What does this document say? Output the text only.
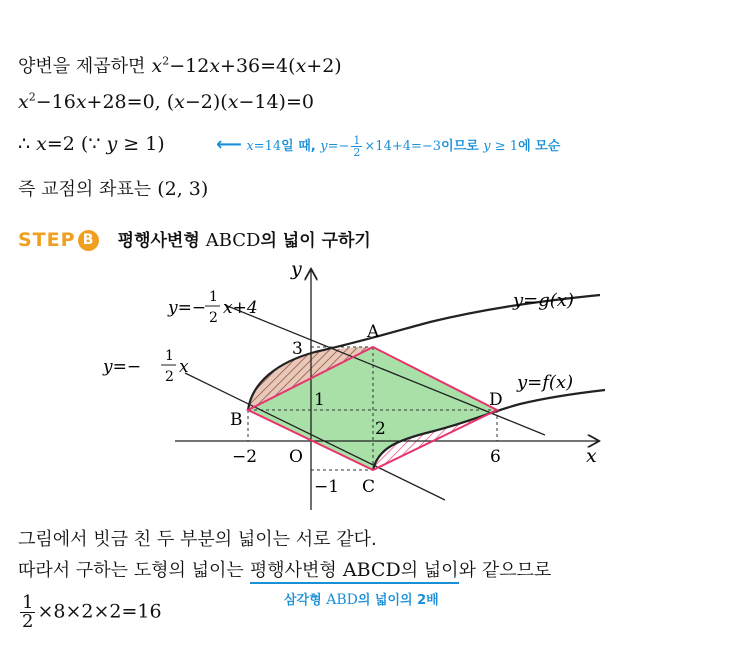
양변을 제곱하면 $x^2-12x+36=4(x+2)$
$x^2-16x+28=0$, (x−2)(x−14)=0
∴ x=2 (∵ y ≥ 1)	⟵ x=14일 때, $y=- \frac{1}{2} \times 14+4=-3$이므로 y ≥ 1에 모순
즉 교점의 좌표는 (2, 3)
STEP B 평행사변형 ABCD의 넓이 구하기
y
x
O
A
B
C
D
3
1
2
−2	6
−1
y=−
1
2 x+4
y=−
1
2 x
y=g(x)
y=f(x)
그림에서 빗금 친 두 부분의 넓이는 서로 같다.
따라서 구하는 도형의 넓이는 평행사변형 ABCD의 넓이와 같으므로
삼각형 ABD의 넓이의 2배
$\frac{1}{2} \times 8\times 2\times 2=16$
